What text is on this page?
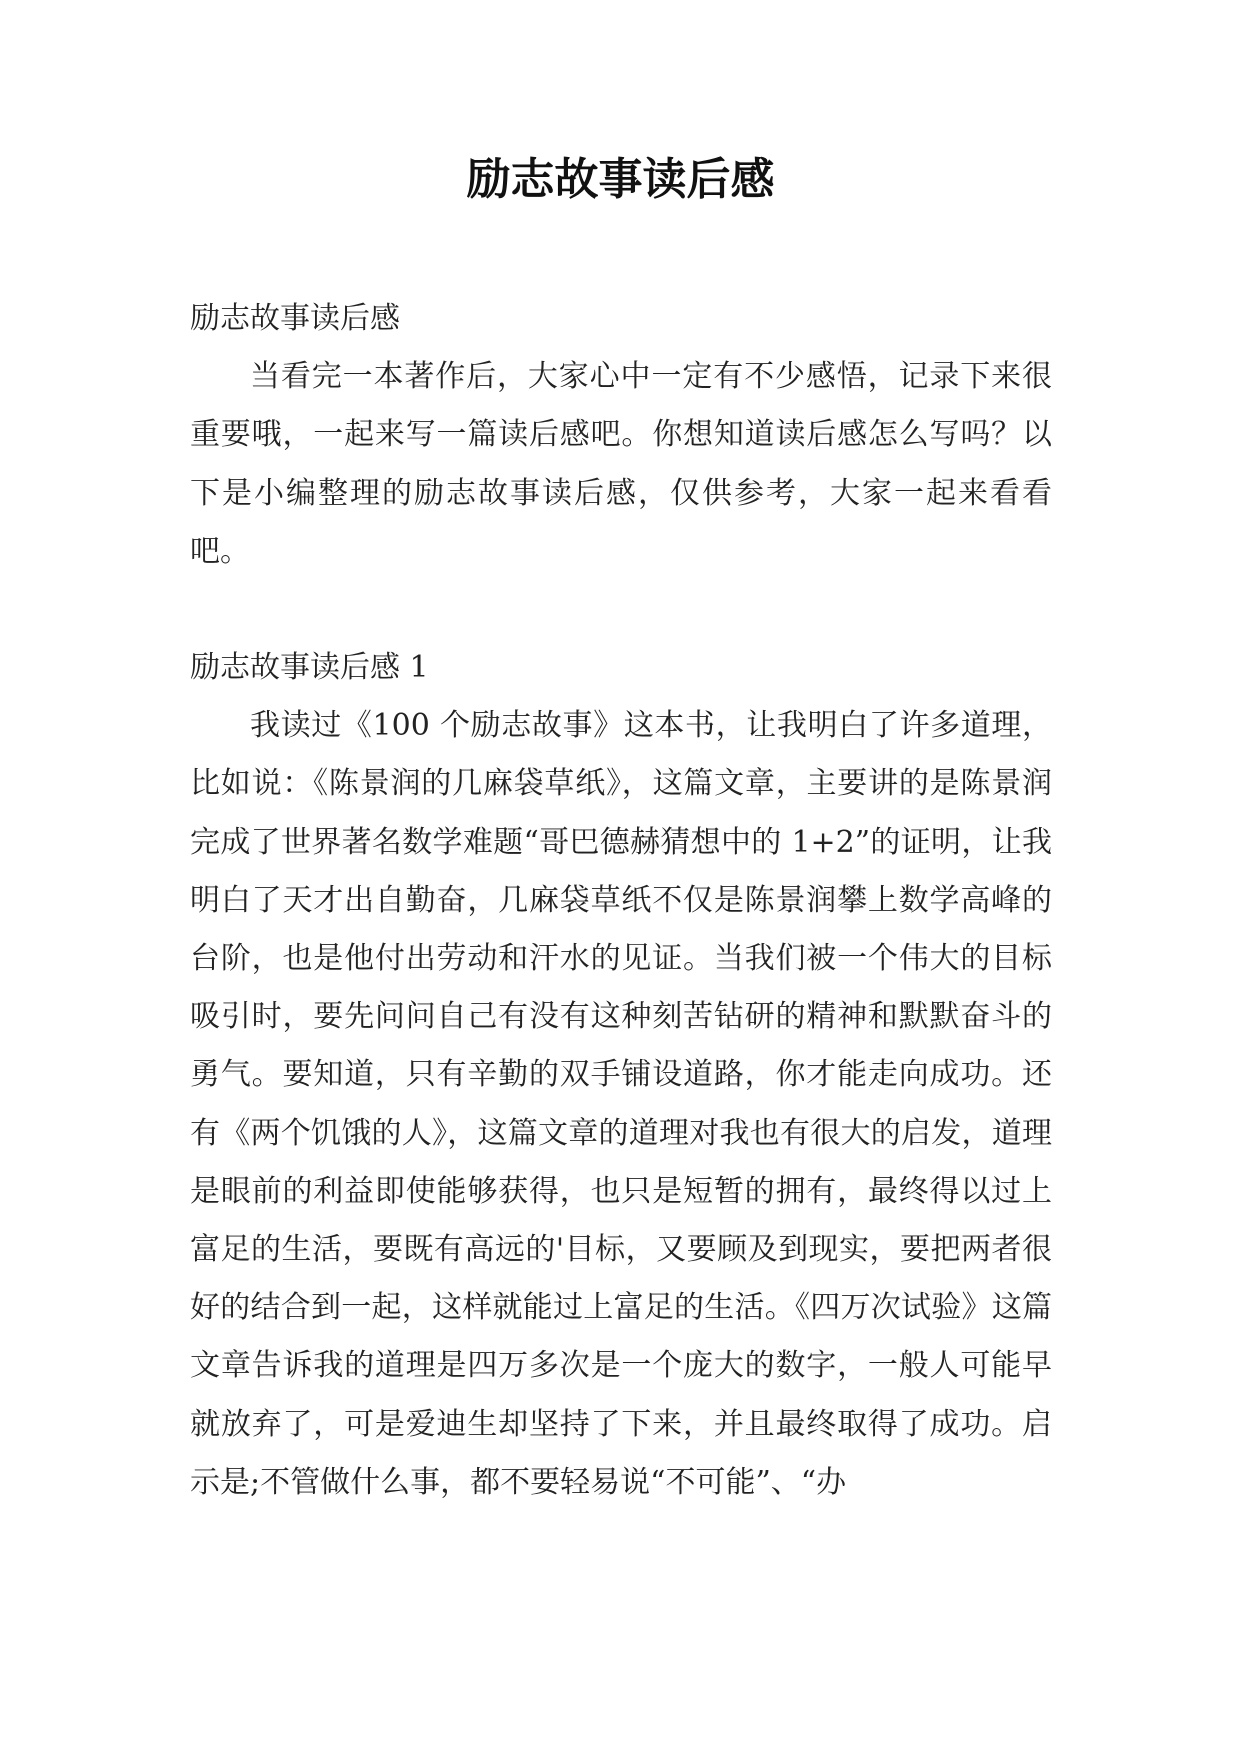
励志故事读后感

励志故事读后感

当看完一本著作后，大家心中一定有不少感悟，记录下来很重要哦，一起来写一篇读后感吧。你想知道读后感怎么写吗？以下是小编整理的励志故事读后感，仅供参考，大家一起来看看吧。

励志故事读后感 1

我读过《100 个励志故事》这本书，让我明白了许多道理，比如说：《陈景润的几麻袋草纸》，这篇文章，主要讲的是陈景润完成了世界著名数学难题“哥巴德赫猜想中的 1+2”的证明，让我明白了天才出自勤奋，几麻袋草纸不仅是陈景润攀上数学高峰的台阶，也是他付出劳动和汗水的见证。当我们被一个伟大的目标吸引时，要先问问自己有没有这种刻苦钻研的精神和默默奋斗的勇气。要知道，只有辛勤的双手铺设道路，你才能走向成功。还有《两个饥饿的人》，这篇文章的道理对我也有很大的启发，道理是眼前的利益即使能够获得，也只是短暂的拥有，最终得以过上富足的生活，要既有高远的'目标，又要顾及到现实，要把两者很好的结合到一起，这样就能过上富足的生活。《四万次试验》这篇文章告诉我的道理是四万多次是一个庞大的数字，一般人可能早就放弃了，可是爱迪生却坚持了下来，并且最终取得了成功。启示是;不管做什么事，都不要轻易说“不可能”、“办
